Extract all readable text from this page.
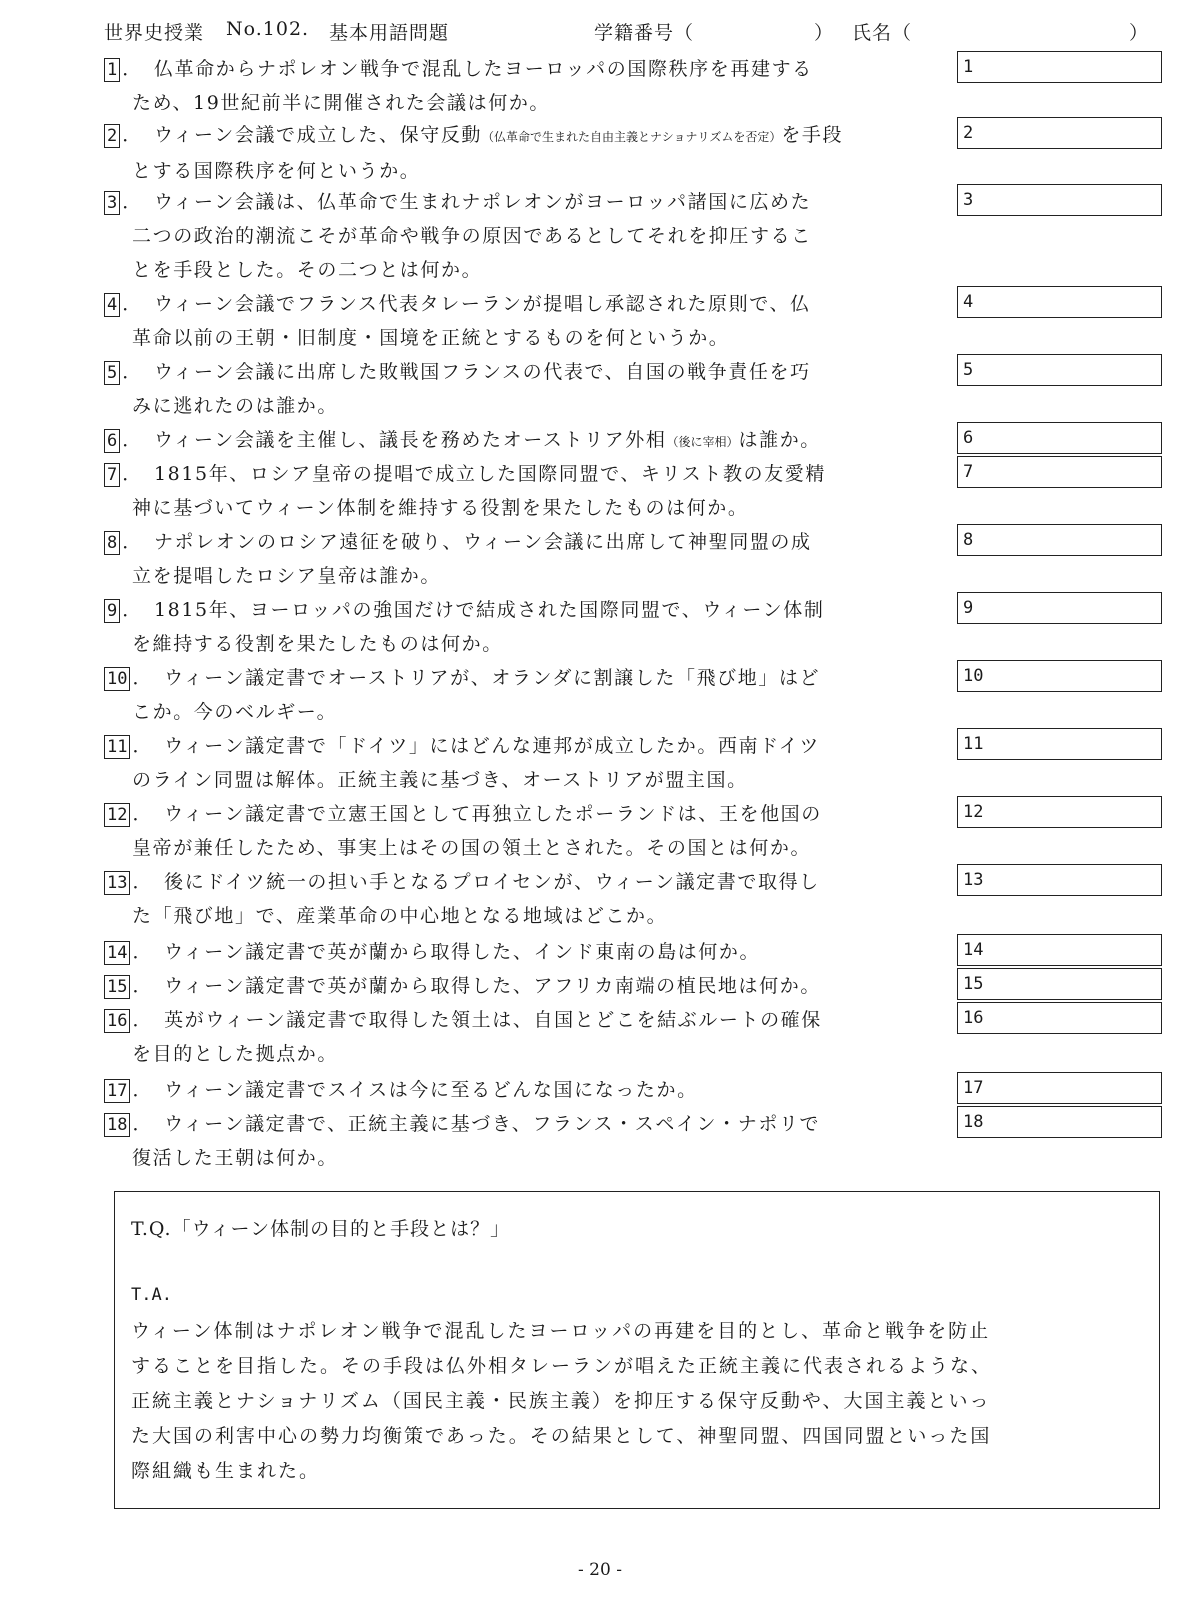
世界史授業 No.102. 基本用語問題	学籍番号（　　　　　　） 氏名（	）
1 ．　仏革命からナポレオン戦争で混乱したヨーロッパの国際秩序を再建する
ため、19世紀前半に開催された会議は何か。
1
2 ．　ウィーン会議で成立した、保守反動（仏革命で生まれた自由主義とナショナリズムを否定）を手段
とする国際秩序を何というか。
2
3 ．　ウィーン会議は、仏革命で生まれナポレオンがヨーロッパ諸国に広めた
二つの政治的潮流こそが革命や戦争の原因であるとしてそれを抑圧するこ
とを手段とした。その二つとは何か。
3
4 ．　ウィーン会議でフランス代表タレーランが提唱し承認された原則で、仏
革命以前の王朝・旧制度・国境を正統とするものを何というか。
4
5 ．　ウィーン会議に出席した敗戦国フランスの代表で、自国の戦争責任を巧
みに逃れたのは誰か。
5
6 ．　ウィーン会議を主催し、議長を務めたオーストリア外相（後に宰相）は誰か。	6
7 ．　1815年、ロシア皇帝の提唱で成立した国際同盟で、キリスト教の友愛精
神に基づいてウィーン体制を維持する役割を果たしたものは何か。
7
8 ．　ナポレオンのロシア遠征を破り、ウィーン会議に出席して神聖同盟の成
立を提唱したロシア皇帝は誰か。
8
9 ．　1815年、ヨーロッパの強国だけで結成された国際同盟で、ウィーン体制
を維持する役割を果たしたものは何か。
9
10 ．　ウィーン議定書でオーストリアが、オランダに割譲した「飛び地」はど
こか。今のベルギー。
10
11 ．　ウィーン議定書で「ドイツ」にはどんな連邦が成立したか。西南ドイツ
のライン同盟は解体。正統主義に基づき、オーストリアが盟主国。
11
12 ．　ウィーン議定書で立憲王国として再独立したポーランドは、王を他国の
皇帝が兼任したため、事実上はその国の領土とされた。その国とは何か。
12
13 ．　後にドイツ統一の担い手となるプロイセンが、ウィーン議定書で取得し
た「飛び地」で、産業革命の中心地となる地域はどこか。
13
14 ．　ウィーン議定書で英が蘭から取得した、インド東南の島は何か。	14
15 ．　ウィーン議定書で英が蘭から取得した、アフリカ南端の植民地は何か。	15
16 ．　英がウィーン議定書で取得した領土は、自国とどこを結ぶルートの確保
を目的とした拠点か。
16
17 ．　ウィーン議定書でスイスは今に至るどんな国になったか。	17
18 ．　ウィーン議定書で、正統主義に基づき、フランス・スペイン・ナポリで
復活した王朝は何か。
18
T.Q.「ウィーン体制の目的と手段とは？」
T.A.
ウィーン体制はナポレオン戦争で混乱したヨーロッパの再建を目的とし、革命と戦争を防止
することを目指した。その手段は仏外相タレーランが唱えた正統主義に代表されるような、
正統主義とナショナリズム（国民主義・民族主義）を抑圧する保守反動や、大国主義といっ
た大国の利害中心の勢力均衡策であった。その結果として、神聖同盟、四国同盟といった国
際組織も生まれた。
- 20 -
